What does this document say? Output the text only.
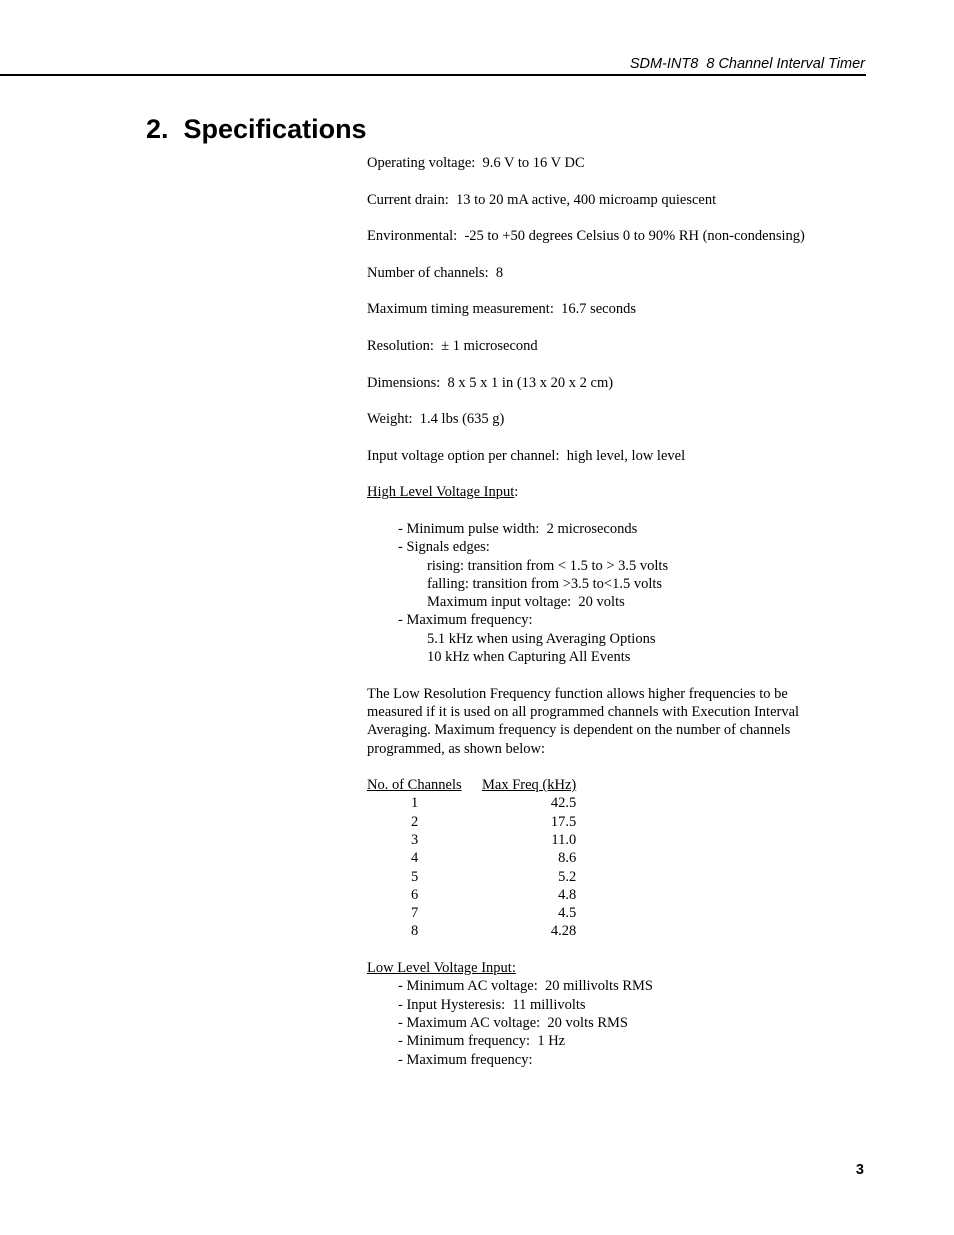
SDM-INT8  8 Channel Interval Timer
2.  Specifications
Operating voltage:  9.6 V to 16 V DC
Current drain:  13 to 20 mA active, 400 microamp quiescent
Environmental:  -25 to +50 degrees Celsius 0 to 90% RH (non-condensing)
Number of channels:  8
Maximum timing measurement:  16.7 seconds
Resolution:  ± 1 microsecond
Dimensions:  8 x 5 x 1 in (13 x 20 x 2 cm)
Weight:  1.4 lbs (635 g)
Input voltage option per channel:  high level, low level
High Level Voltage Input:
- Minimum pulse width:  2 microseconds
- Signals edges:
rising: transition from < 1.5 to > 3.5 volts
falling: transition from >3.5 to<1.5 volts
Maximum input voltage:  20 volts
- Maximum frequency:
5.1 kHz when using Averaging Options
10 kHz when Capturing All Events
The Low Resolution Frequency function allows higher frequencies to be measured if it is used on all programmed channels with Execution Interval Averaging. Maximum frequency is dependent on the number of channels programmed, as shown below:
No. of Channels	Max Freq (kHz)
1	42.5
2	17.5
3	11.0
4	8.6
5	5.2
6	4.8
7	4.5
8	4.28
Low Level Voltage Input:
- Minimum AC voltage:  20 millivolts RMS
- Input Hysteresis:  11 millivolts
- Maximum AC voltage:  20 volts RMS
- Minimum frequency:  1 Hz
- Maximum frequency:
3
